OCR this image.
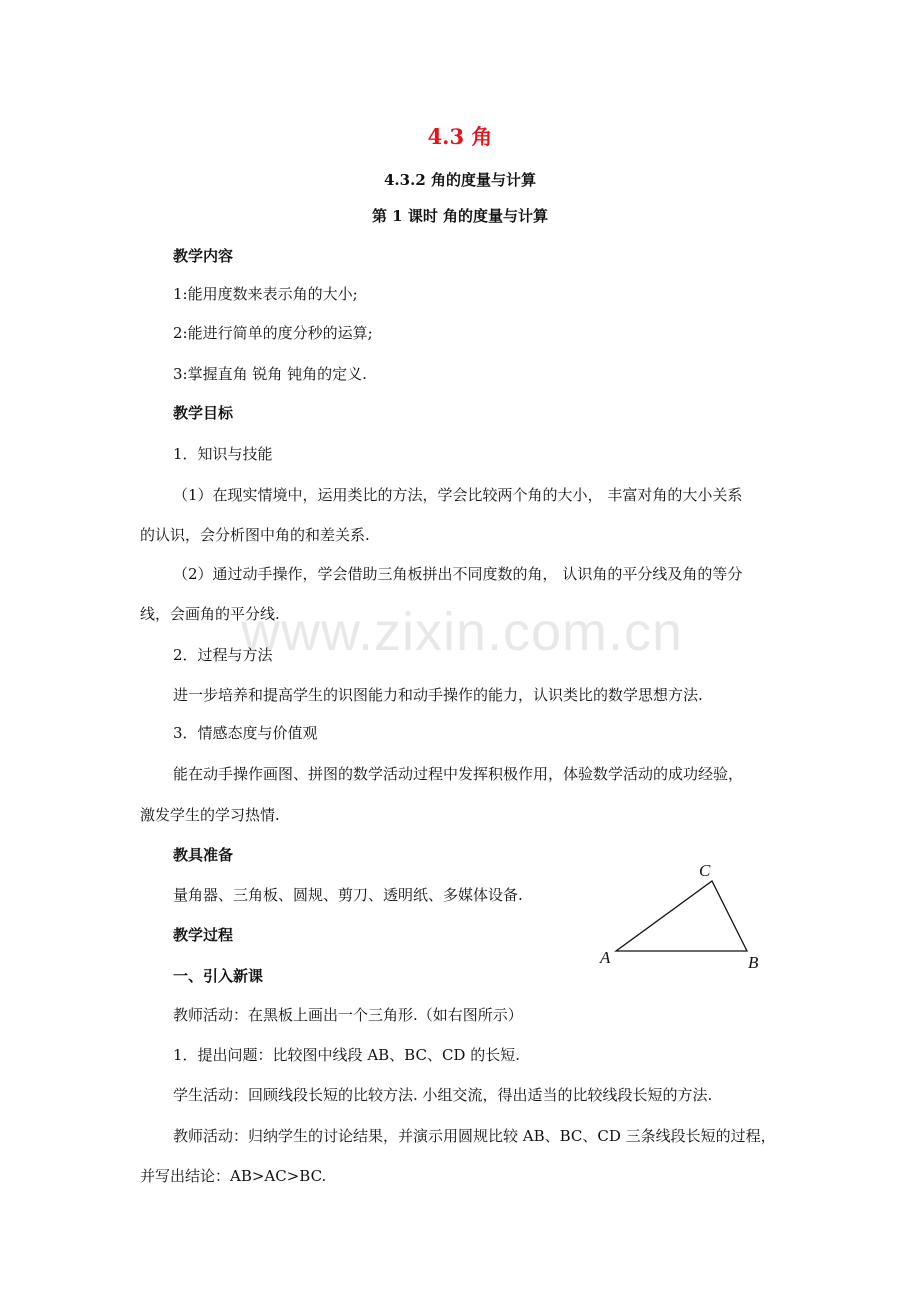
www.zixin.com.cn
4.3 角
4.3.2 角的度量与计算
第 1 课时 角的度量与计算
教学内容
1:能用度数来表示角的大小;
2:能进行简单的度分秒的运算;
3:掌握直角 锐角 钝角的定义.
教学目标
1．知识与技能
（1）在现实情境中，运用类比的方法，学会比较两个角的大小， 丰富对角的大小关系
的认识，会分析图中角的和差关系.
（2）通过动手操作，学会借助三角板拼出不同度数的角， 认识角的平分线及角的等分
线，会画角的平分线.
2．过程与方法
进一步培养和提高学生的识图能力和动手操作的能力，认识类比的数学思想方法.
3．情感态度与价值观
能在动手操作画图、拼图的数学活动过程中发挥积极作用，体验数学活动的成功经验，
激发学生的学习热情.
教具准备
量角器、三角板、圆规、剪刀、透明纸、多媒体设备.
教学过程
一、引入新课
教师活动：在黑板上画出一个三角形.（如右图所示）
1．提出问题：比较图中线段 AB、BC、CD 的长短.
学生活动：回顾线段长短的比较方法. 小组交流，得出适当的比较线段长短的方法.
教师活动：归纳学生的讨论结果，并演示用圆规比较 AB、BC、CD 三条线段长短的过程，
并写出结论：AB>AC>BC.
A	B
C
